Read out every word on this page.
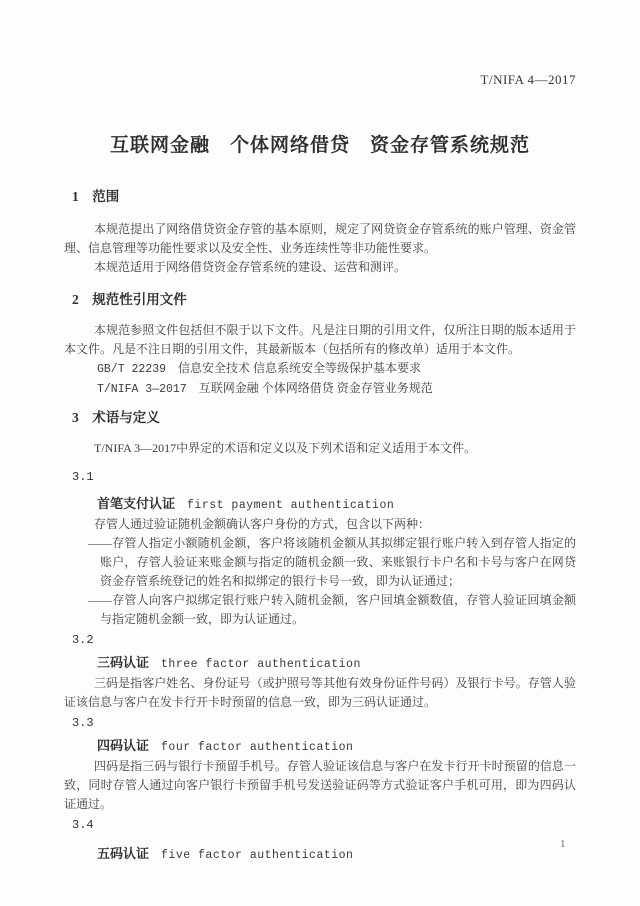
T/NIFA 4—2017
互联网金融　个体网络借贷　资金存管系统规范
1　范围

本规范提出了网络借贷资金存管的基本原则，规定了网贷资金存管系统的账户管理、资金管理、信息管理等功能性要求以及安全性、业务连续性等非功能性要求。

本规范适用于网络借贷资金存管系统的建设、运营和测评。

2　规范性引用文件

本规范参照文件包括但不限于以下文件。凡是注日期的引用文件，仅所注日期的版本适用于本文件。凡是不注日期的引用文件，其最新版本（包括所有的修改单）适用于本文件。

GB/T 22239 信息安全技术 信息系统安全等级保护基本要求

T/NIFA 3—2017 互联网金融 个体网络借贷 资金存管业务规范

3　术语与定义

T/NIFA 3—2017中界定的术语和定义以及下列术语和定义适用于本文件。

3.1

首笔支付认证 first payment authentication

存管人通过验证随机金额确认客户身份的方式，包含以下两种：

——存管人指定小额随机金额，客户将该随机金额从其拟绑定银行账户转入到存管人指定的账户，存管人验证来账金额与指定的随机金额一致、来账银行卡户名和卡号与客户在网贷资金存管系统登记的姓名和拟绑定的银行卡号一致，即为认证通过；

——存管人向客户拟绑定银行账户转入随机金额，客户回填金额数值，存管人验证回填金额与指定随机金额一致，即为认证通过。

3.2

三码认证 three factor authentication

三码是指客户姓名、身份证号（或护照号等其他有效身份证件号码）及银行卡号。存管人验证该信息与客户在发卡行开卡时预留的信息一致，即为三码认证通过。

3.3

四码认证 four factor authentication

四码是指三码与银行卡预留手机号。存管人验证该信息与客户在发卡行开卡时预留的信息一致，同时存管人通过向客户银行卡预留手机号发送验证码等方式验证客户手机可用，即为四码认证通过。

3.4

五码认证 five factor authentication

1
